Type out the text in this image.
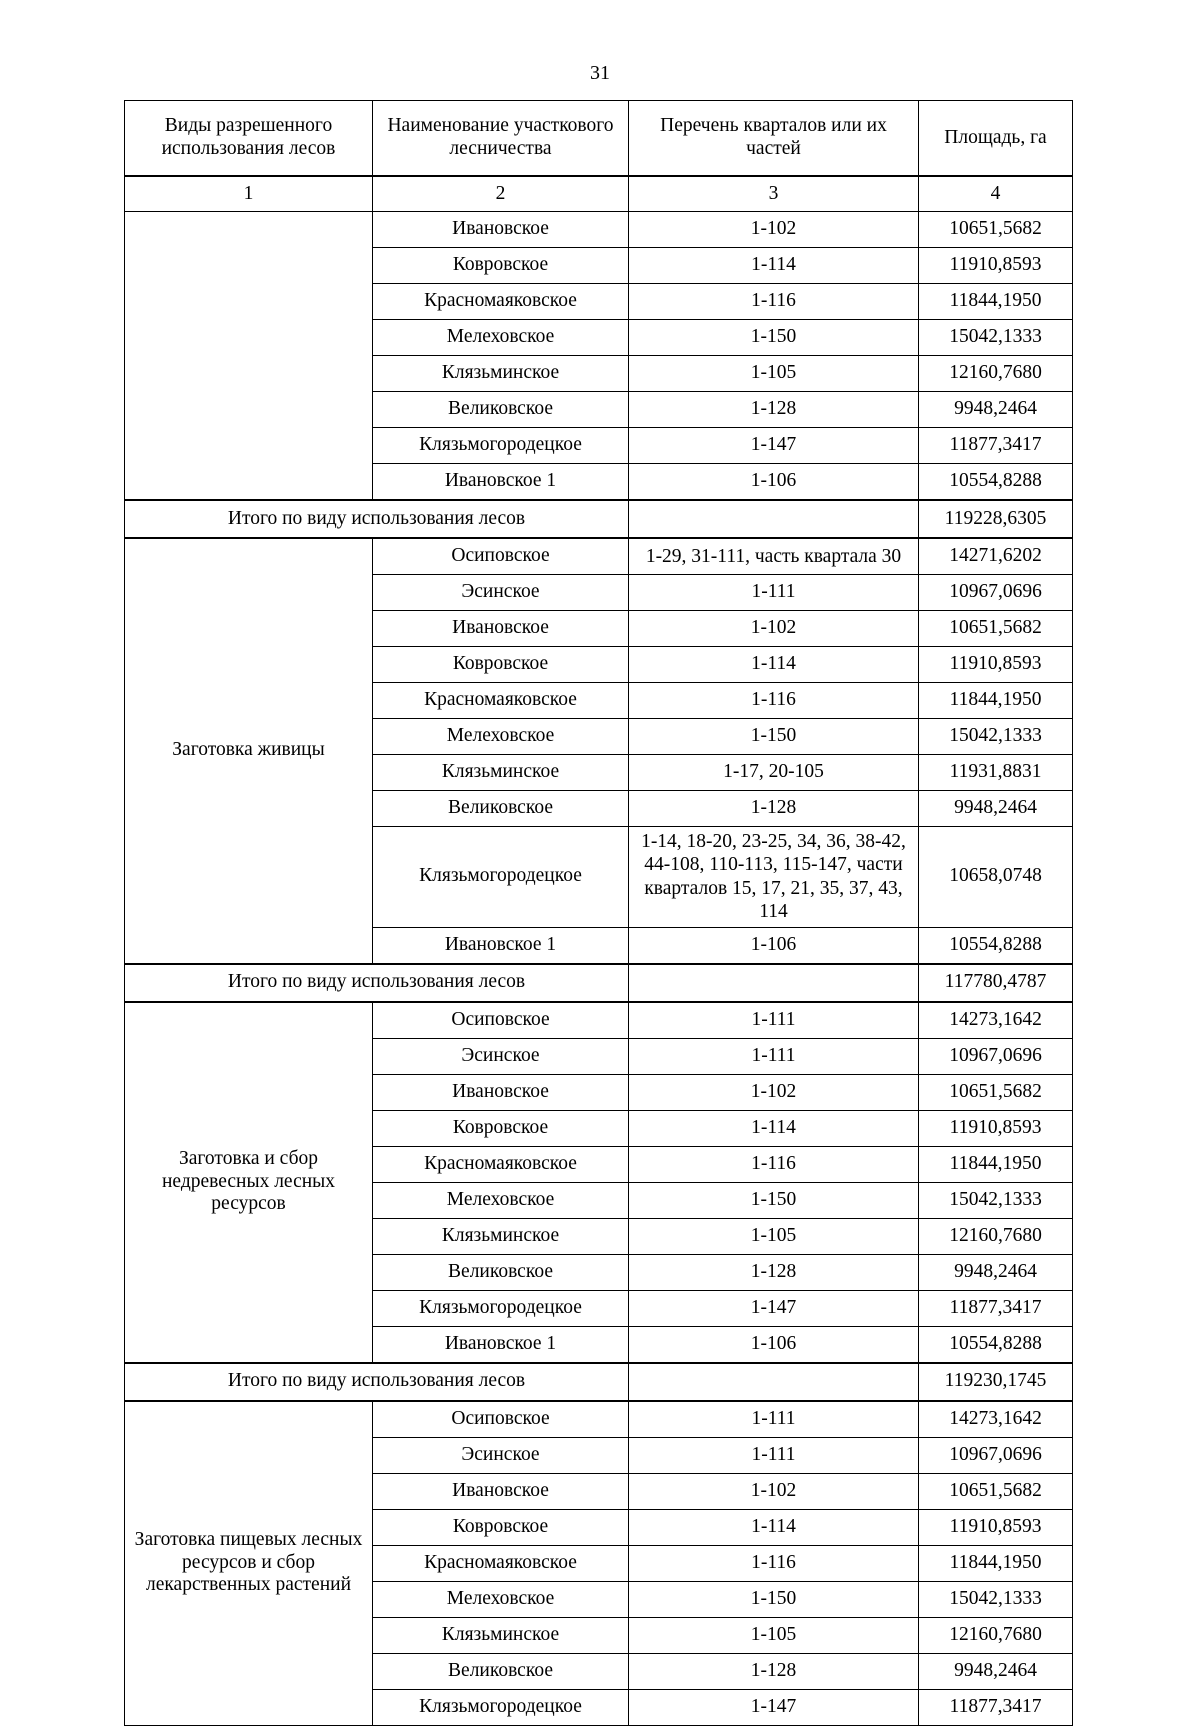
31
Виды разрешенного использования лесов	Наименование участкового лесничества	Перечень кварталов или их частей	Площадь, га
1	2	3	4
	Ивановское	1-102	10651,5682
	Ковровское	1-114	11910,8593
	Красномаяковское	1-116	11844,1950
	Мелеховское	1-150	15042,1333
	Клязьминское	1-105	12160,7680
	Великовское	1-128	9948,2464
	Клязьмогородецкое	1-147	11877,3417
	Ивановское 1	1-106	10554,8288
Итого по виду использования лесов			119228,6305
Заготовка живицы	Осиповское	1-29, 31-111, часть квартала 30	14271,6202
	Эсинское	1-111	10967,0696
	Ивановское	1-102	10651,5682
	Ковровское	1-114	11910,8593
	Красномаяковское	1-116	11844,1950
	Мелеховское	1-150	15042,1333
	Клязьминское	1-17, 20-105	11931,8831
	Великовское	1-128	9948,2464
	Клязьмогородецкое	1-14, 18-20, 23-25, 34, 36, 38-42, 44-108, 110-113, 115-147, части кварталов 15, 17, 21, 35, 37, 43, 114	10658,0748
	Ивановское 1	1-106	10554,8288
Итого по виду использования лесов			117780,4787
Заготовка и сбор недревесных лесных ресурсов	Осиповское	1-111	14273,1642
	Эсинское	1-111	10967,0696
	Ивановское	1-102	10651,5682
	Ковровское	1-114	11910,8593
	Красномаяковское	1-116	11844,1950
	Мелеховское	1-150	15042,1333
	Клязьминское	1-105	12160,7680
	Великовское	1-128	9948,2464
	Клязьмогородецкое	1-147	11877,3417
	Ивановское 1	1-106	10554,8288
Итого по виду использования лесов			119230,1745
Заготовка пищевых лесных ресурсов и сбор лекарственных растений	Осиповское	1-111	14273,1642
	Эсинское	1-111	10967,0696
	Ивановское	1-102	10651,5682
	Ковровское	1-114	11910,8593
	Красномаяковское	1-116	11844,1950
	Мелеховское	1-150	15042,1333
	Клязьминское	1-105	12160,7680
	Великовское	1-128	9948,2464
	Клязьмогородецкое	1-147	11877,3417
